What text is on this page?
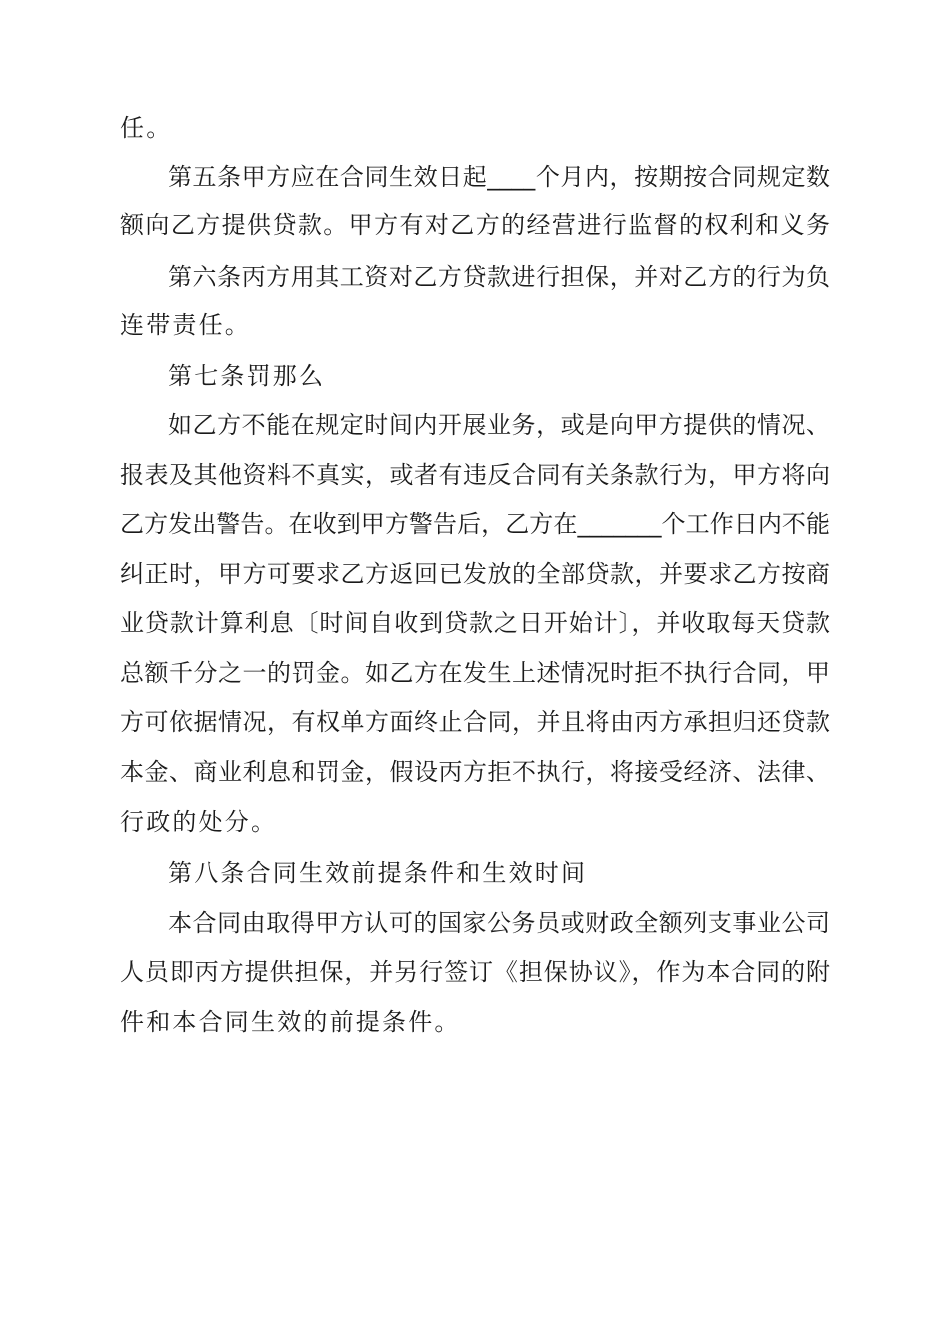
任。
第五条甲方应在合同生效日起____个月内，按期按合同规定数
额向乙方提供贷款。甲方有对乙方的经营进行监督的权利和义务
第六条丙方用其工资对乙方贷款进行担保，并对乙方的行为负
连带责任。
第七条罚那么
如乙方不能在规定时间内开展业务，或是向甲方提供的情况、
报表及其他资料不真实，或者有违反合同有关条款行为，甲方将向
乙方发出警告。在收到甲方警告后，乙方在_______个工作日内不能
纠正时，甲方可要求乙方返回已发放的全部贷款，并要求乙方按商
业贷款计算利息〔时间自收到贷款之日开始计〕，并收取每天贷款
总额千分之一的罚金。如乙方在发生上述情况时拒不执行合同，甲
方可依据情况，有权单方面终止合同，并且将由丙方承担归还贷款
本金、商业利息和罚金，假设丙方拒不执行，将接受经济、法律、
行政的处分。
第八条合同生效前提条件和生效时间
本合同由取得甲方认可的国家公务员或财政全额列支事业公司
人员即丙方提供担保，并另行签订《担保协议》，作为本合同的附
件和本合同生效的前提条件。
